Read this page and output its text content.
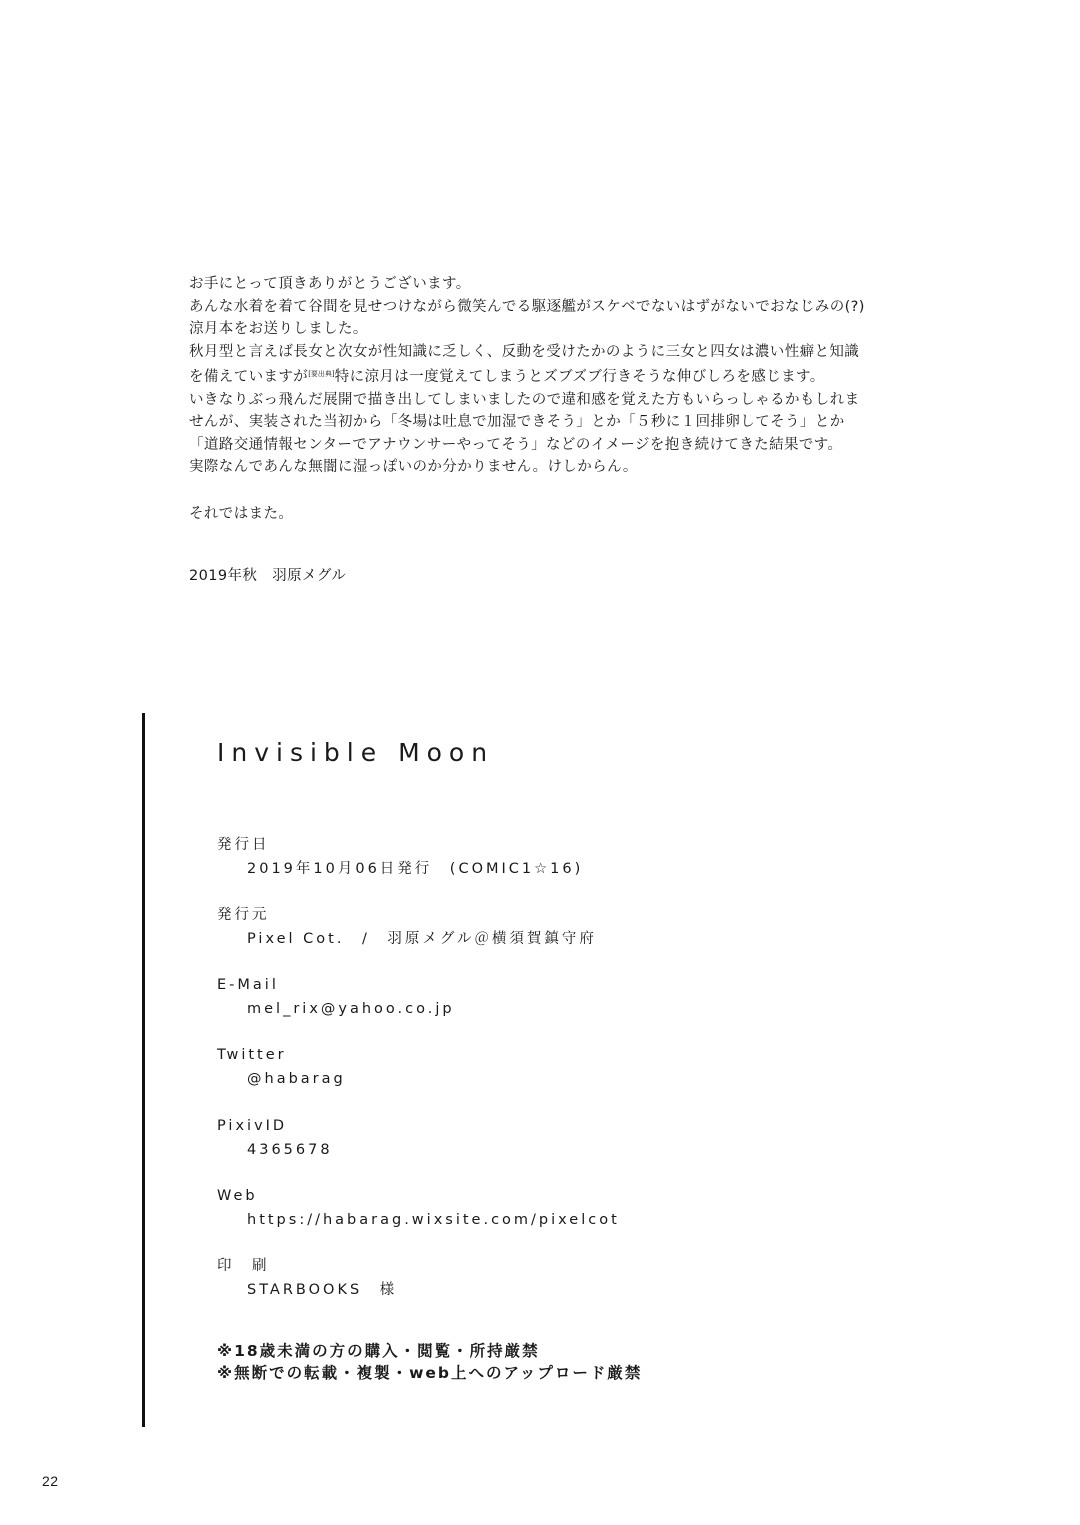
お手にとって頂きありがとうございます。
あんな水着を着て谷間を見せつけながら微笑んでる駆逐艦がスケベでないはずがないでおなじみの(?)
涼月本をお送りしました。
秋月型と言えば長女と次女が性知識に乏しく、反動を受けたかのように三女と四女は濃い性癖と知識
を備えていますが[要出典]特に涼月は一度覚えてしまうとズブズブ行きそうな伸びしろを感じます。
いきなりぶっ飛んだ展開で描き出してしまいましたので違和感を覚えた方もいらっしゃるかもしれま
せんが、実装された当初から「冬場は吐息で加湿できそう」とか「５秒に１回排卵してそう」とか
「道路交通情報センターでアナウンサーやってそう」などのイメージを抱き続けてきた結果です。
実際なんであんな無闇に湿っぽいのか分かりません。けしからん。
それではまた。
2019年秋　羽原メグル
Invisible Moon
発行日
2019年10月06日発行　(COMIC1☆16)
発行元
Pixel Cot.　/　羽原メグル＠横須賀鎮守府
E-Mail
mel_rix@yahoo.co.jp
Twitter
@habarag
PixivID
4365678
Web
https://habarag.wixsite.com/pixelcot
印　刷
STARBOOKS　様
※18歳未満の方の購入・閲覧・所持厳禁
※無断での転載・複製・web上へのアップロード厳禁
22
